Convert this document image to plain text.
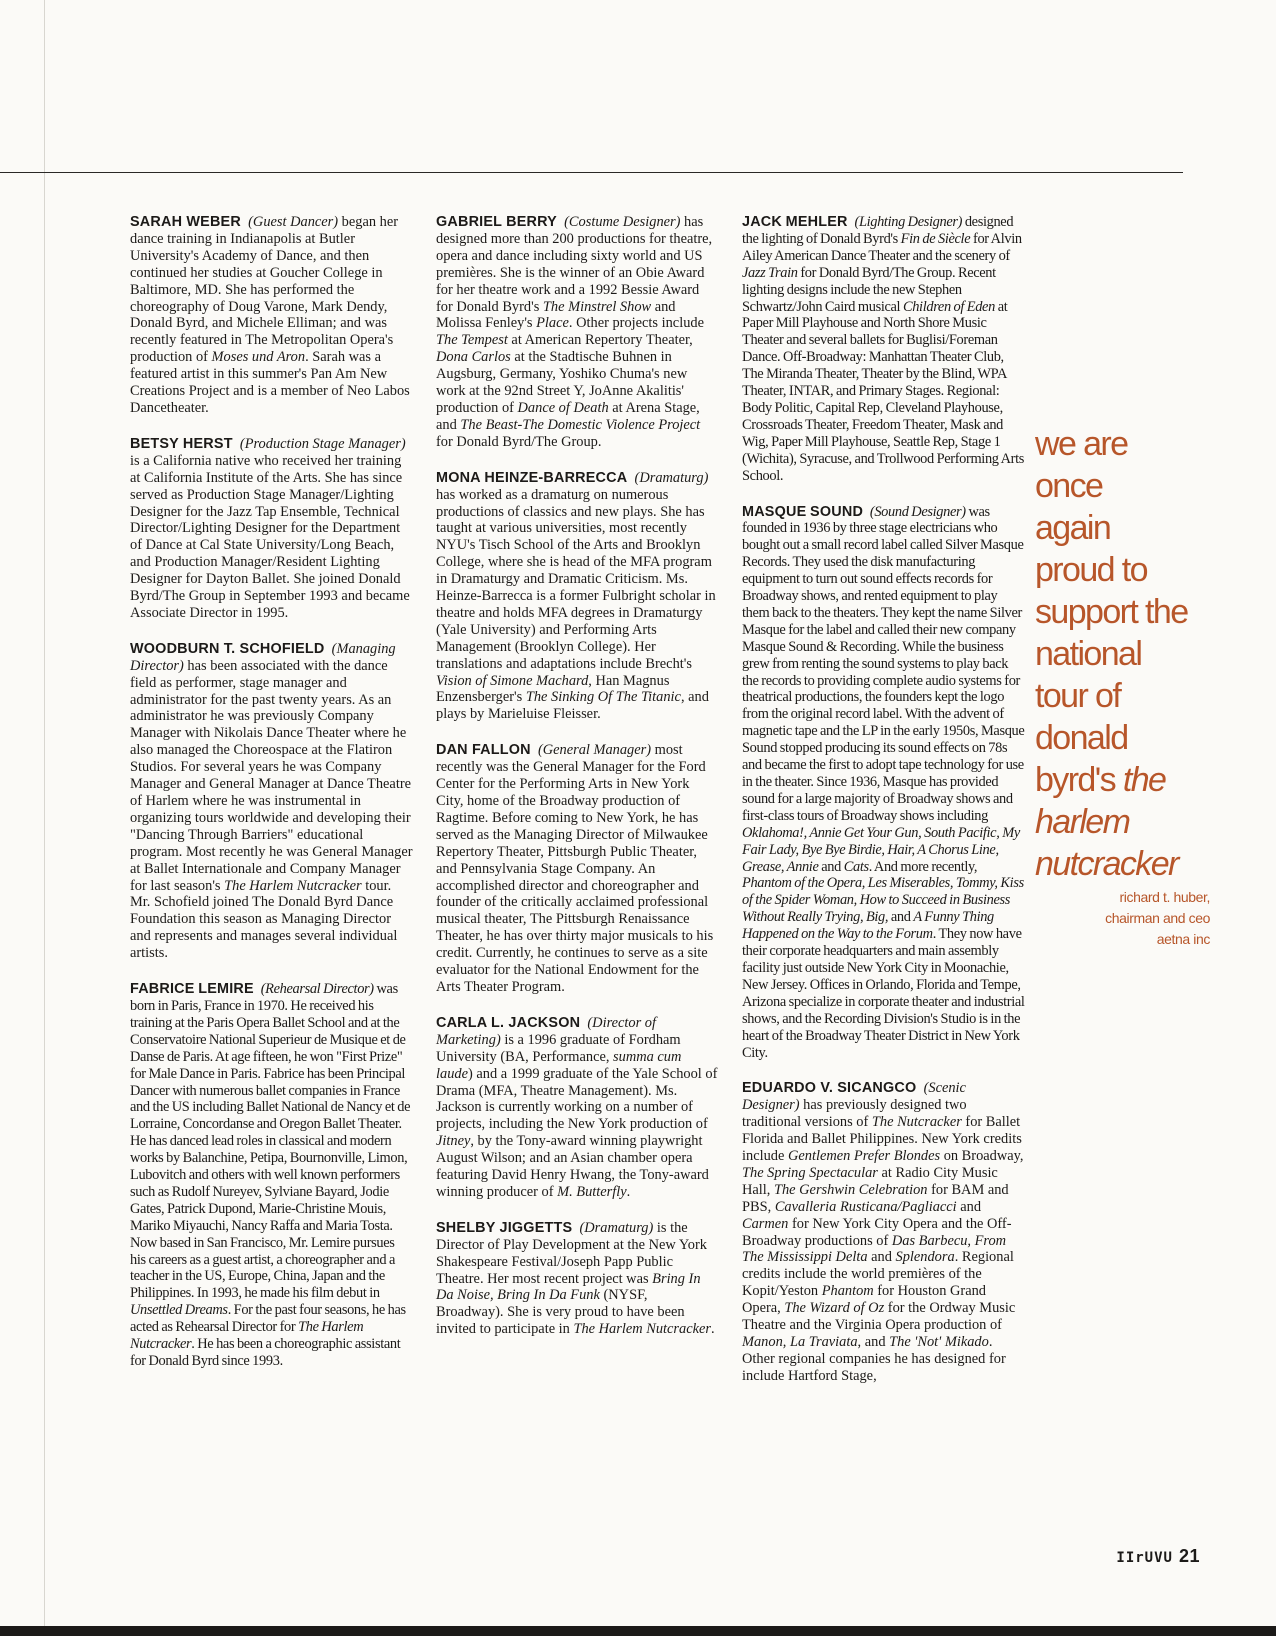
SARAH WEBER  (Guest Dancer) began her dance training in Indianapolis at Butler University's Academy of Dance, and then continued her studies at Goucher College in Baltimore, MD. She has performed the choreography of Doug Varone, Mark Dendy, Donald Byrd, and Michele Elliman; and was recently featured in The Metropolitan Opera's production of Moses und Aron. Sarah was a featured artist in this summer's Pan Am New Creations Project and is a member of Neo Labos Dancetheater.

BETSY HERST  (Production Stage Manager) is a California native who received her training at California Institute of the Arts. She has since served as Production Stage Manager/Lighting Designer for the Jazz Tap Ensemble, Technical Director/Lighting Designer for the Department of Dance at Cal State University/Long Beach, and Production Manager/Resident Lighting Designer for Dayton Ballet. She joined Donald Byrd/The Group in September 1993 and became Associate Director in 1995.

WOODBURN T. SCHOFIELD  (Managing Director) has been associated with the dance field as performer, stage manager and administrator for the past twenty years. As an administrator he was previously Company Manager with Nikolais Dance Theater where he also managed the Choreospace at the Flatiron Studios. For several years he was Company Manager and General Manager at Dance Theatre of Harlem where he was instrumental in organizing tours worldwide and developing their "Dancing Through Barriers" educational program. Most recently he was General Manager at Ballet Internationale and Company Manager for last season's The Harlem Nutcracker tour. Mr. Schofield joined The Donald Byrd Dance Foundation this season as Managing Director and represents and manages several individual artists.

FABRICE LEMIRE  (Rehearsal Director) was born in Paris, France in 1970. He received his training at the Paris Opera Ballet School and at the Conservatoire National Superieur de Musique et de Danse de Paris. At age fifteen, he won "First Prize" for Male Dance in Paris. Fabrice has been Principal Dancer with numerous ballet companies in France and the US including Ballet National de Nancy et de Lorraine, Concordanse and Oregon Ballet Theater. He has danced lead roles in classical and modern works by Balanchine, Petipa, Bournonville, Limon, Lubovitch and others with well known performers such as Rudolf Nureyev, Sylviane Bayard, Jodie Gates, Patrick Dupond, Marie-Christine Mouis, Mariko Miyauchi, Nancy Raffa and Maria Tosta. Now based in San Francisco, Mr. Lemire pursues his careers as a guest artist, a choreographer and a teacher in the US, Europe, China, Japan and the Philippines. In 1993, he made his film debut in Unsettled Dreams. For the past four seasons, he has acted as Rehearsal Director for The Harlem Nutcracker. He has been a choreographic assistant for Donald Byrd since 1993.

GABRIEL BERRY  (Costume Designer) has designed more than 200 productions for theatre, opera and dance including sixty world and US premières. She is the winner of an Obie Award for her theatre work and a 1992 Bessie Award for Donald Byrd's The Minstrel Show and Molissa Fenley's Place. Other projects include The Tempest at American Repertory Theater, Dona Carlos at the Stadtische Buhnen in Augsburg, Germany, Yoshiko Chuma's new work at the 92nd Street Y, JoAnne Akalitis' production of Dance of Death at Arena Stage, and The Beast-The Domestic Violence Project for Donald Byrd/The Group.

MONA HEINZE-BARRECCA  (Dramaturg) has worked as a dramaturg on numerous productions of classics and new plays. She has taught at various universities, most recently NYU's Tisch School of the Arts and Brooklyn College, where she is head of the MFA program in Dramaturgy and Dramatic Criticism. Ms. Heinze-Barrecca is a former Fulbright scholar in theatre and holds MFA degrees in Dramaturgy (Yale University) and Performing Arts Management (Brooklyn College). Her translations and adaptations include Brecht's Vision of Simone Machard, Han Magnus Enzensberger's The Sinking Of The Titanic, and plays by Marieluise Fleisser.

DAN FALLON  (General Manager) most recently was the General Manager for the Ford Center for the Performing Arts in New York City, home of the Broadway production of Ragtime. Before coming to New York, he has served as the Managing Director of Milwaukee Repertory Theater, Pittsburgh Public Theater, and Pennsylvania Stage Company. An accomplished director and choreographer and founder of the critically acclaimed professional musical theater, The Pittsburgh Renaissance Theater, he has over thirty major musicals to his credit. Currently, he continues to serve as a site evaluator for the National Endowment for the Arts Theater Program.

CARLA L. JACKSON  (Director of Marketing) is a 1996 graduate of Fordham University (BA, Performance, summa cum laude) and a 1999 graduate of the Yale School of Drama (MFA, Theatre Management). Ms. Jackson is currently working on a number of projects, including the New York production of Jitney, by the Tony-award winning playwright August Wilson; and an Asian chamber opera featuring David Henry Hwang, the Tony-award winning producer of M. Butterfly.

SHELBY JIGGETTS  (Dramaturg) is the Director of Play Development at the New York Shakespeare Festival/Joseph Papp Public Theatre. Her most recent project was Bring In Da Noise, Bring In Da Funk (NYSF, Broadway). She is very proud to have been invited to participate in The Harlem Nutcracker.

JACK MEHLER  (Lighting Designer) designed the lighting of Donald Byrd's Fin de Siècle for Alvin Ailey American Dance Theater and the scenery of Jazz Train for Donald Byrd/The Group. Recent lighting designs include the new Stephen Schwartz/John Caird musical Children of Eden at Paper Mill Playhouse and North Shore Music Theater and several ballets for Buglisi/Foreman Dance. Off-Broadway: Manhattan Theater Club, The Miranda Theater, Theater by the Blind, WPA Theater, INTAR, and Primary Stages. Regional: Body Politic, Capital Rep, Cleveland Playhouse, Crossroads Theater, Freedom Theater, Mask and Wig, Paper Mill Playhouse, Seattle Rep, Stage 1 (Wichita), Syracuse, and Trollwood Performing Arts School.

MASQUE SOUND  (Sound Designer) was founded in 1936 by three stage electricians who bought out a small record label called Silver Masque Records. They used the disk manufacturing equipment to turn out sound effects records for Broadway shows, and rented equipment to play them back to the theaters. They kept the name Silver Masque for the label and called their new company Masque Sound & Recording. While the business grew from renting the sound systems to play back the records to providing complete audio systems for theatrical productions, the founders kept the logo from the original record label. With the advent of magnetic tape and the LP in the early 1950s, Masque Sound stopped producing its sound effects on 78s and became the first to adopt tape technology for use in the theater. Since 1936, Masque has provided sound for a large majority of Broadway shows and first-class tours of Broadway shows including Oklahoma!, Annie Get Your Gun, South Pacific, My Fair Lady, Bye Bye Birdie, Hair, A Chorus Line, Grease, Annie and Cats. And more recently, Phantom of the Opera, Les Miserables, Tommy, Kiss of the Spider Woman, How to Succeed in Business Without Really Trying, Big, and A Funny Thing Happened on the Way to the Forum. They now have their corporate headquarters and main assembly facility just outside New York City in Moonachie, New Jersey. Offices in Orlando, Florida and Tempe, Arizona specialize in corporate theater and industrial shows, and the Recording Division's Studio is in the heart of the Broadway Theater District in New York City.

EDUARDO V. SICANGCO  (Scenic Designer) has previously designed two traditional versions of The Nutcracker for Ballet Florida and Ballet Philippines. New York credits include Gentlemen Prefer Blondes on Broadway, The Spring Spectacular at Radio City Music Hall, The Gershwin Celebration for BAM and PBS, Cavalleria Rusticana/Pagliacci and Carmen for New York City Opera and the Off-Broadway productions of Das Barbecu, From The Mississippi Delta and Splendora. Regional credits include the world premières of the Kopit/Yeston Phantom for Houston Grand Opera, The Wizard of Oz for the Ordway Music Theatre and the Virginia Opera production of Manon, La Traviata, and The 'Not' Mikado. Other regional companies he has designed for include Hartford Stage,

we are
once
again
proud to
support the
national
tour of
donald
byrd's the
harlem
nutcracker
richard t. huber,
chairman and ceo
aetna inc
IIrUVU 21
